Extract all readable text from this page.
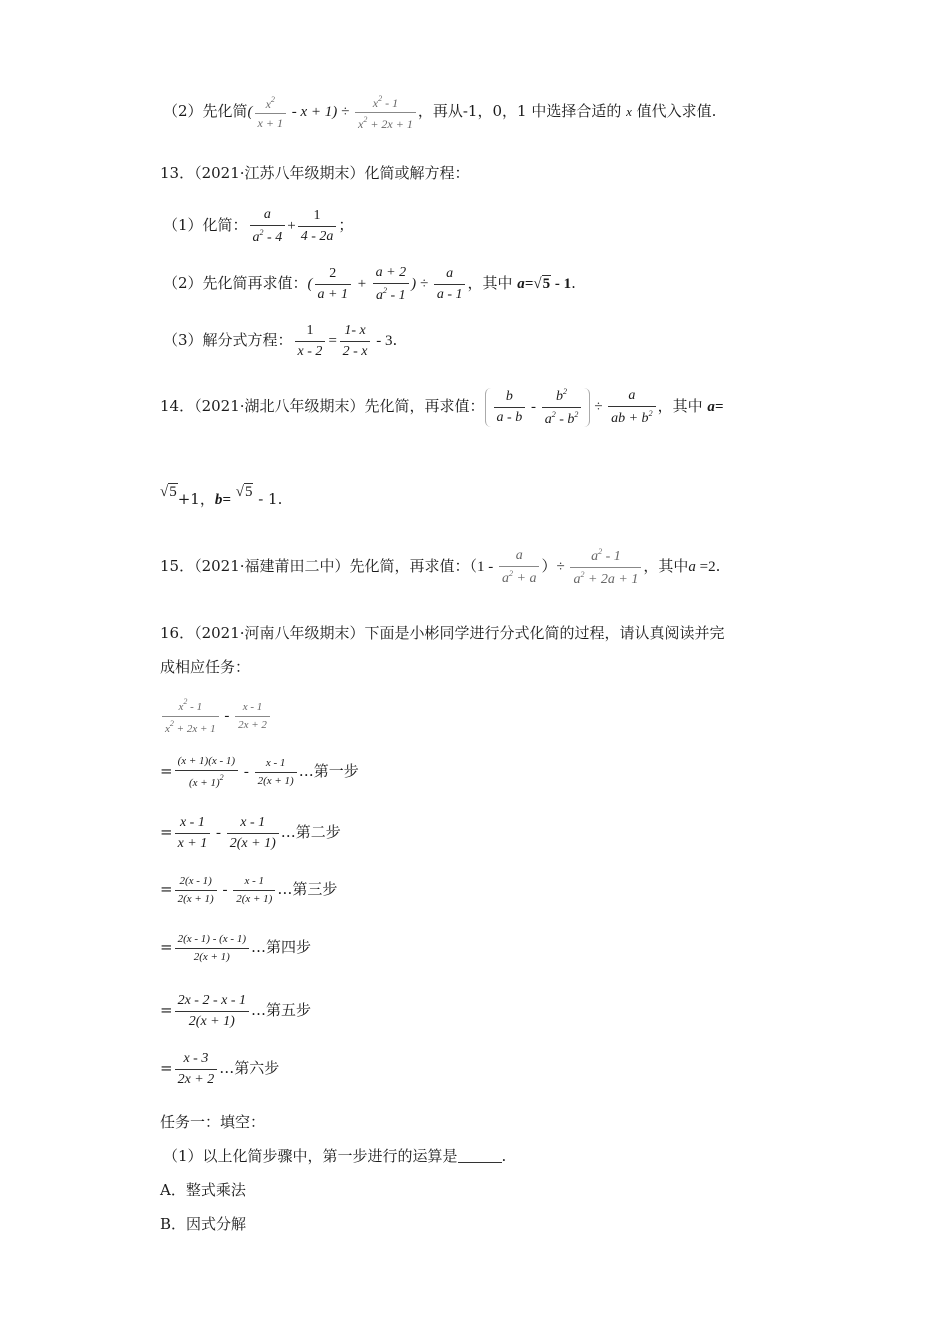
（2）先化简( $\frac{x^2}{x + 1} - x + 1) \div \frac{x^2 - 1}{x^2 + 2x + 1}$ ，再从-1，0，1 中选择合适的 x 值代入求值.
13．（2021·江苏八年级期末）化简或解方程：
（1）化简： $\frac{a}{a^2 - 4} + \frac{1}{4 - 2a}$ ；
（2）先化简再求值：( $\frac{2}{a + 1} + \frac{a + 2}{a^2 - 1}$ ) ÷ $\frac{a}{a - 1}$ ，其中 a=√5 - 1.
（3）解分式方程： $\frac{1}{x - 2} = \frac{1- x}{2 - x} - 3$.
14．（2021·湖北八年级期末）先化简，再求值： $\frac{b}{a - b} - \frac{b^2}{a^2 - b^2} \div \frac{a}{ab + b^2}$ ，其中 a=
√5+1，b= √5 - 1.
15．（2021·福建莆田二中）先化简，再求值：（$1 - \frac{a}{a^2 + a}$ ）÷ $\frac{a^2 - 1}{a^2 + 2a + 1}$ ，其中a =2.
16．（2021·河南八年级期末）下面是小彬同学进行分式化简的过程，请认真阅读并完
成相应任务：
$\frac{x^2 - 1}{x^2 + 2x + 1} - \frac{x - 1}{2x + 2}$
= $\frac{(x + 1)(x - 1)}{(x + 1)^2} - \frac{x - 1}{2(x + 1)}$ …第一步
= $\frac{x - 1}{x + 1} - \frac{x - 1}{2(x + 1)}$ …第二步
= $\frac{2(x - 1)}{2(x + 1)} - \frac{x - 1}{2(x + 1)}$ …第三步
= $\frac{2(x - 1) - (x - 1)}{2(x + 1)}$ …第四步
= $\frac{2x - 2 - x - 1}{2(x + 1)}$ …第五步
= $\frac{x - 3}{2x + 2}$ …第六步
任务一：填空：
（1）以上化简步骤中，第一步进行的运算是	.
A．整式乘法
B．因式分解
